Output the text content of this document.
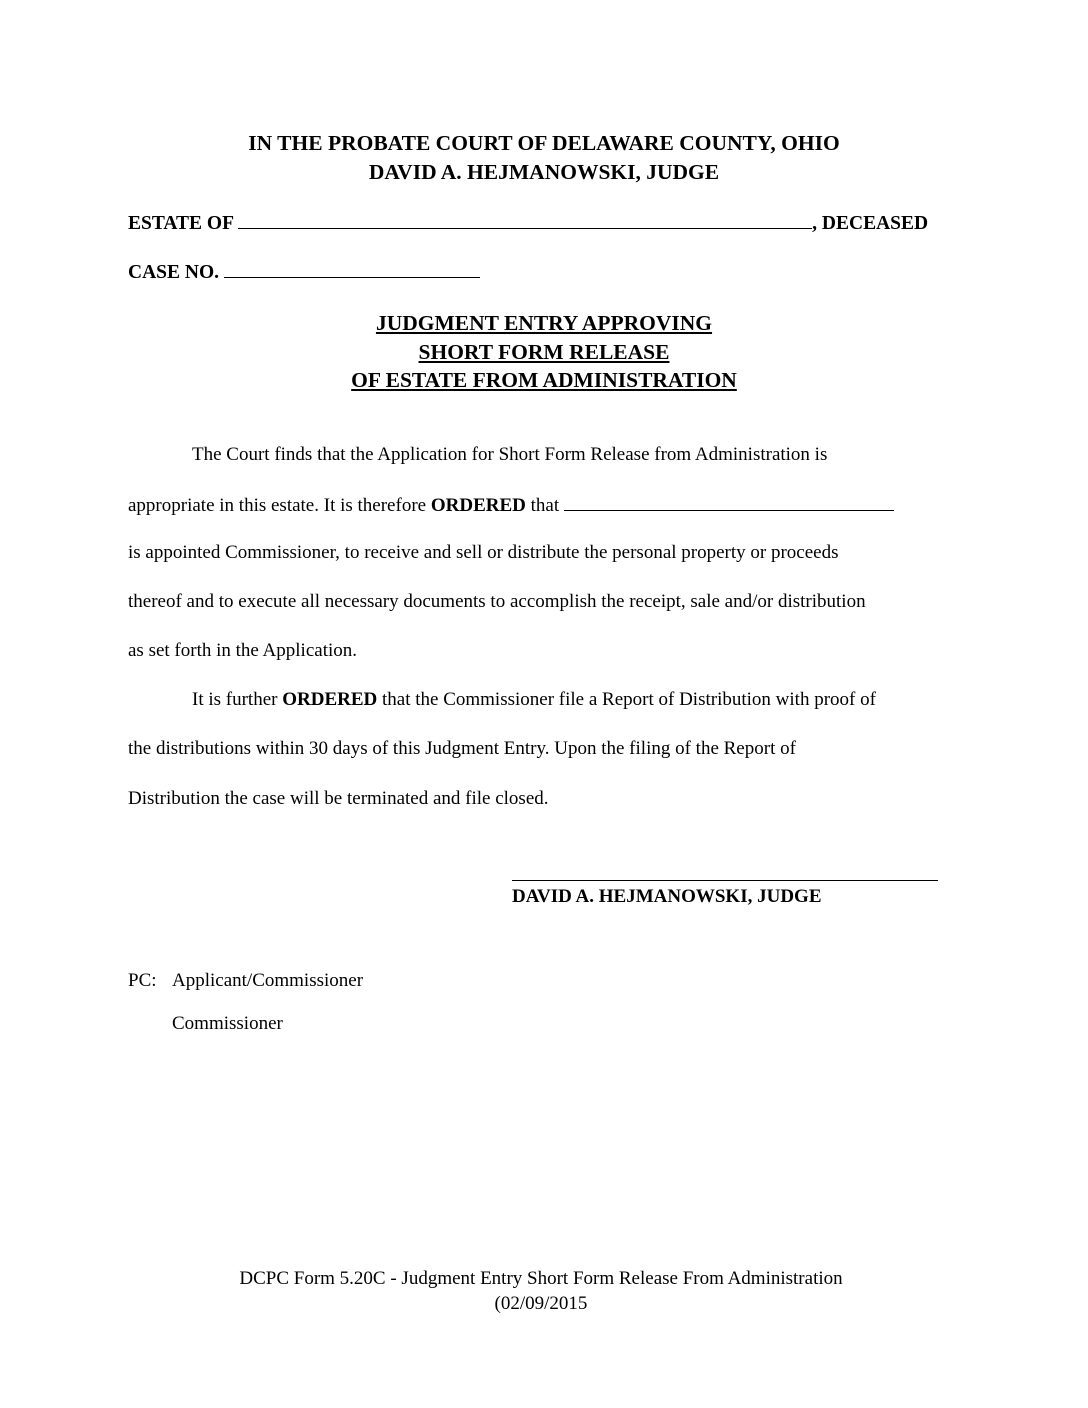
IN THE PROBATE COURT OF DELAWARE COUNTY, OHIO
DAVID A. HEJMANOWSKI, JUDGE
ESTATE OF	, DECEASED
CASE NO.
JUDGMENT ENTRY APPROVING
SHORT FORM RELEASE
OF ESTATE FROM ADMINISTRATION
The Court finds that the Application for Short Form Release from Administration is
appropriate in this estate. It is therefore ORDERED that
is appointed Commissioner, to receive and sell or distribute the personal property or proceeds
thereof and to execute all necessary documents to accomplish the receipt, sale and/or distribution
as set forth in the Application.
It is further ORDERED that the Commissioner file a Report of Distribution with proof of
the distributions within 30 days of this Judgment Entry. Upon the filing of the Report of
Distribution the case will be terminated and file closed.
DAVID A. HEJMANOWSKI, JUDGE
PC: Applicant/Commissioner
Commissioner
DCPC Form 5.20C - Judgment Entry Short Form Release From Administration
(02/09/2015
